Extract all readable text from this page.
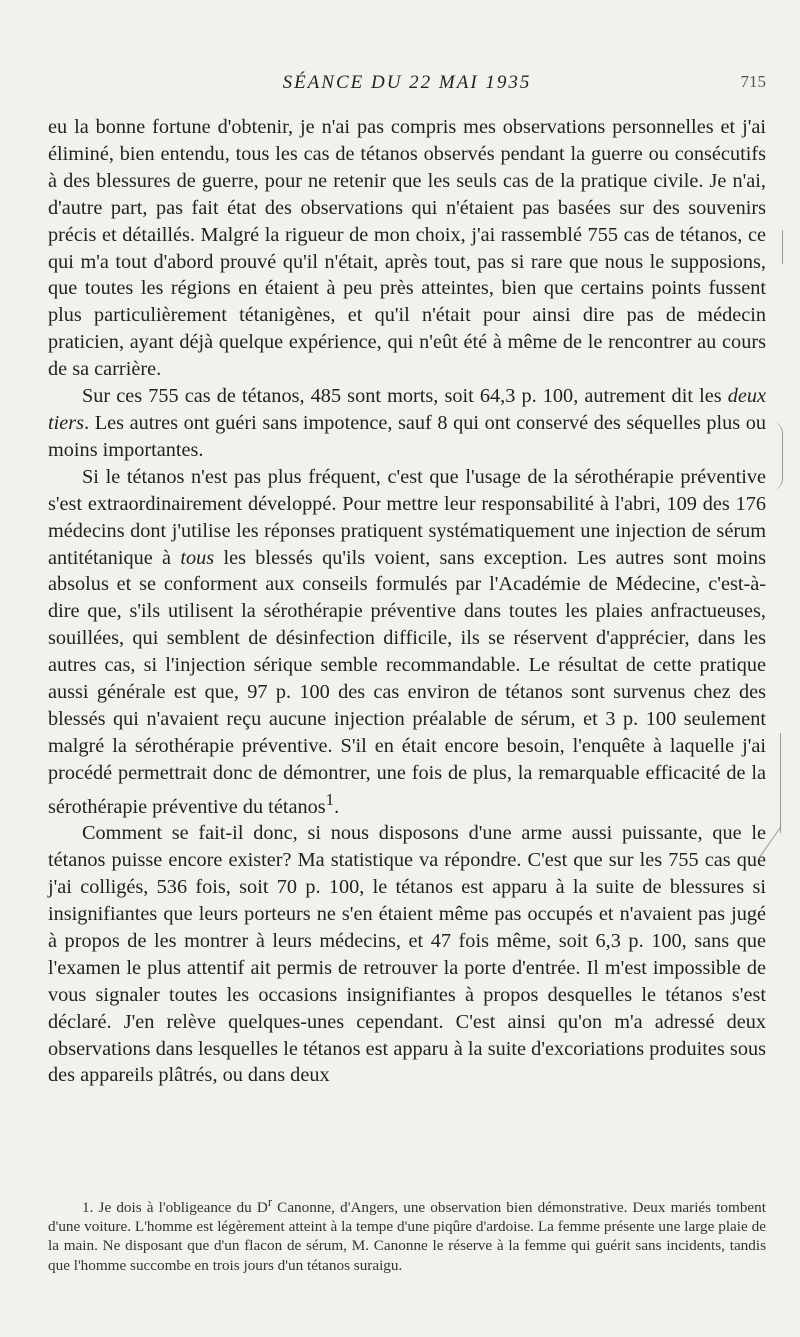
SÉANCE DU 22 MAI 1935	715

eu la bonne fortune d'obtenir, je n'ai pas compris mes observations personnelles et j'ai éliminé, bien entendu, tous les cas de tétanos observés pendant la guerre ou consécutifs à des blessures de guerre, pour ne retenir que les seuls cas de la pratique civile. Je n'ai, d'autre part, pas fait état des observations qui n'étaient pas basées sur des souvenirs précis et détaillés. Malgré la rigueur de mon choix, j'ai rassemblé 755 cas de tétanos, ce qui m'a tout d'abord prouvé qu'il n'était, après tout, pas si rare que nous le supposions, que toutes les régions en étaient à peu près atteintes, bien que certains points fussent plus particulièrement tétanigènes, et qu'il n'était pour ainsi dire pas de médecin praticien, ayant déjà quelque expérience, qui n'eût été à même de le rencontrer au cours de sa carrière.

Sur ces 755 cas de tétanos, 485 sont morts, soit 64,3 p. 100, autrement dit les deux tiers. Les autres ont guéri sans impotence, sauf 8 qui ont conservé des séquelles plus ou moins importantes.

Si le tétanos n'est pas plus fréquent, c'est que l'usage de la sérothérapie préventive s'est extraordinairement développé. Pour mettre leur responsabilité à l'abri, 109 des 176 médecins dont j'utilise les réponses pratiquent systématiquement une injection de sérum antitétanique à tous les blessés qu'ils voient, sans exception. Les autres sont moins absolus et se conforment aux conseils formulés par l'Académie de Médecine, c'est-à-dire que, s'ils utilisent la sérothérapie préventive dans toutes les plaies anfractueuses, souillées, qui semblent de désinfection difficile, ils se réservent d'apprécier, dans les autres cas, si l'injection sérique semble recommandable. Le résultat de cette pratique aussi générale est que, 97 p. 100 des cas environ de tétanos sont survenus chez des blessés qui n'avaient reçu aucune injection préalable de sérum, et 3 p. 100 seulement malgré la sérothérapie préventive. S'il en était encore besoin, l'enquête à laquelle j'ai procédé permettrait donc de démontrer, une fois de plus, la remarquable efficacité de la sérothérapie préventive du tétanos$^1$.

Comment se fait-il donc, si nous disposons d'une arme aussi puissante, que le tétanos puisse encore exister? Ma statistique va répondre. C'est que sur les 755 cas que j'ai colligés, 536 fois, soit 70 p. 100, le tétanos est apparu à la suite de blessures si insignifiantes que leurs porteurs ne s'en étaient même pas occupés et n'avaient pas jugé à propos de les montrer à leurs médecins, et 47 fois même, soit 6,3 p. 100, sans que l'examen le plus attentif ait permis de retrouver la porte d'entrée. Il m'est impossible de vous signaler toutes les occasions insignifiantes à propos desquelles le tétanos s'est déclaré. J'en relève quelques-unes cependant. C'est ainsi qu'on m'a adressé deux observations dans lesquelles le tétanos est apparu à la suite d'excoriations produites sous des appareils plâtrés, ou dans deux

1. Je dois à l'obligeance du $D^r$ Canonne, d'Angers, une observation bien démonstrative. Deux mariés tombent d'une voiture. L'homme est légèrement atteint à la tempe d'une piqûre d'ardoise. La femme présente une large plaie de la main. Ne disposant que d'un flacon de sérum, M. Canonne le réserve à la femme qui guérit sans incidents, tandis que l'homme succombe en trois jours d'un tétanos suraigu.
